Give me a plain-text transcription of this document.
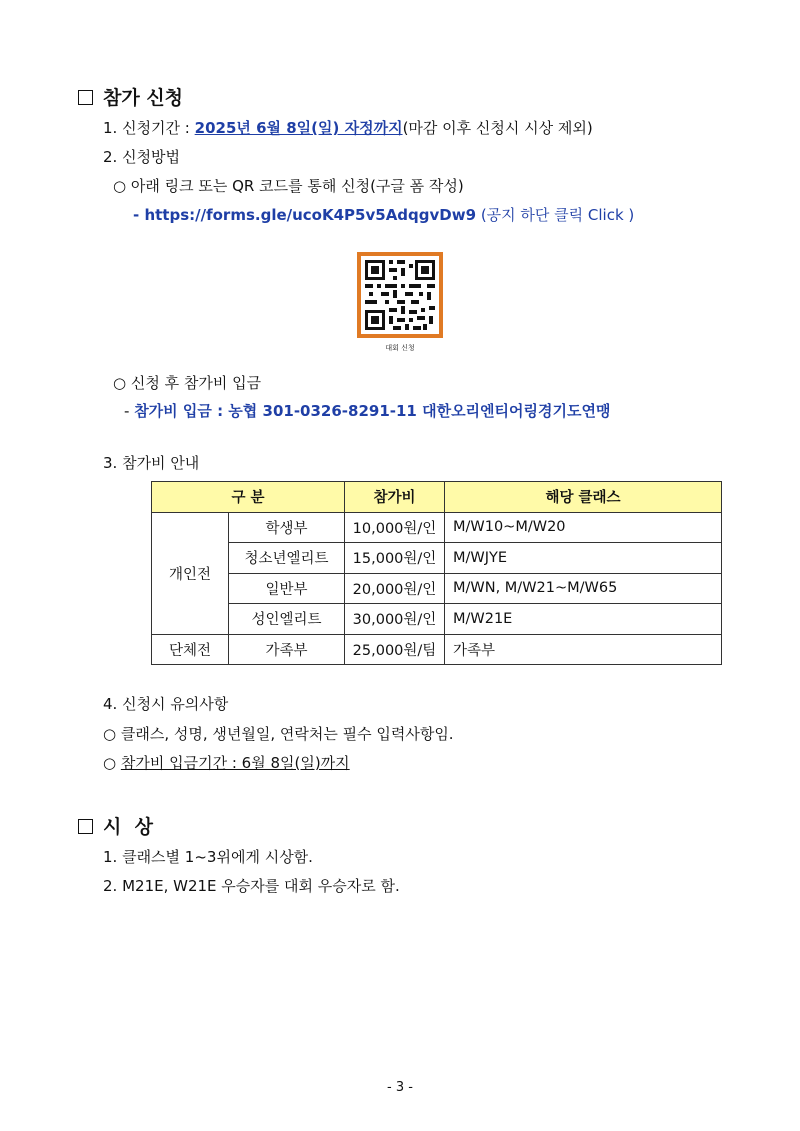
참가 신청
1. 신청기간 : 2025년 6월 8일(일) 자정까지(마감 이후 신청시 시상 제외)
2. 신청방법
○ 아래 링크 또는 QR 코드를 통해 신청(구글 폼 작성)
- https://forms.gle/ucoK4P5v5AdqgvDw9 (공지 하단 클릭 Click )
대회 신청
○ 신청 후 참가비 입금
- 참가비 입금 : 농협 301-0326-8291-11 대한오리엔티어링경기도연맹
3. 참가비 안내
구 분		참가비	해당 클래스
개인전	학생부	10,000원/인	M/W10~M/W20
	청소년엘리트	15,000원/인	M/WJYE
	일반부	20,000원/인	M/WN, M/W21~M/W65
	성인엘리트	30,000원/인	M/W21E
단체전	가족부	25,000원/팀	가족부
4. 신청시 유의사항
○ 클래스, 성명, 생년월일, 연락처는 필수 입력사항임.
○ 참가비 입금기간 : 6월 8일(일)까지
시  상
1. 클래스별 1~3위에게 시상함.
2. M21E, W21E 우승자를 대회 우승자로 함.
- 3 -
